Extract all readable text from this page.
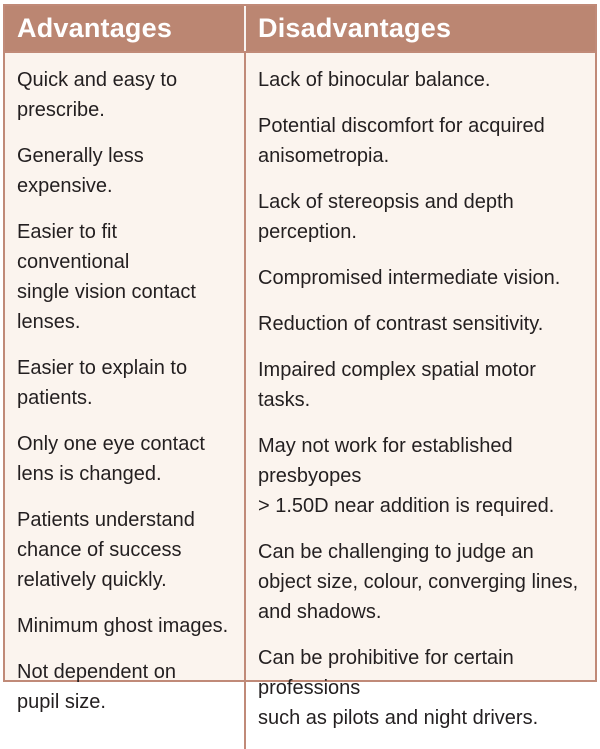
Advantages	Disadvantages
Quick and easy to
prescribe.
Generally less expensive.
Easier to fit conventional
single vision contact
lenses.
Easier to explain to
patients.
Only one eye contact
lens is changed.
Patients understand
chance of success
relatively quickly.
Minimum ghost images.
Not dependent on
pupil size.
Lack of binocular balance.
Potential discomfort for acquired
anisometropia.
Lack of stereopsis and depth perception.
Compromised intermediate vision.
Reduction of contrast sensitivity.
Impaired complex spatial motor tasks.
May not work for established presbyopes
> 1.50D near addition is required.
Can be challenging to judge an
object size, colour, converging lines,
and shadows.
Can be prohibitive for certain professions
such as pilots and night drivers.
